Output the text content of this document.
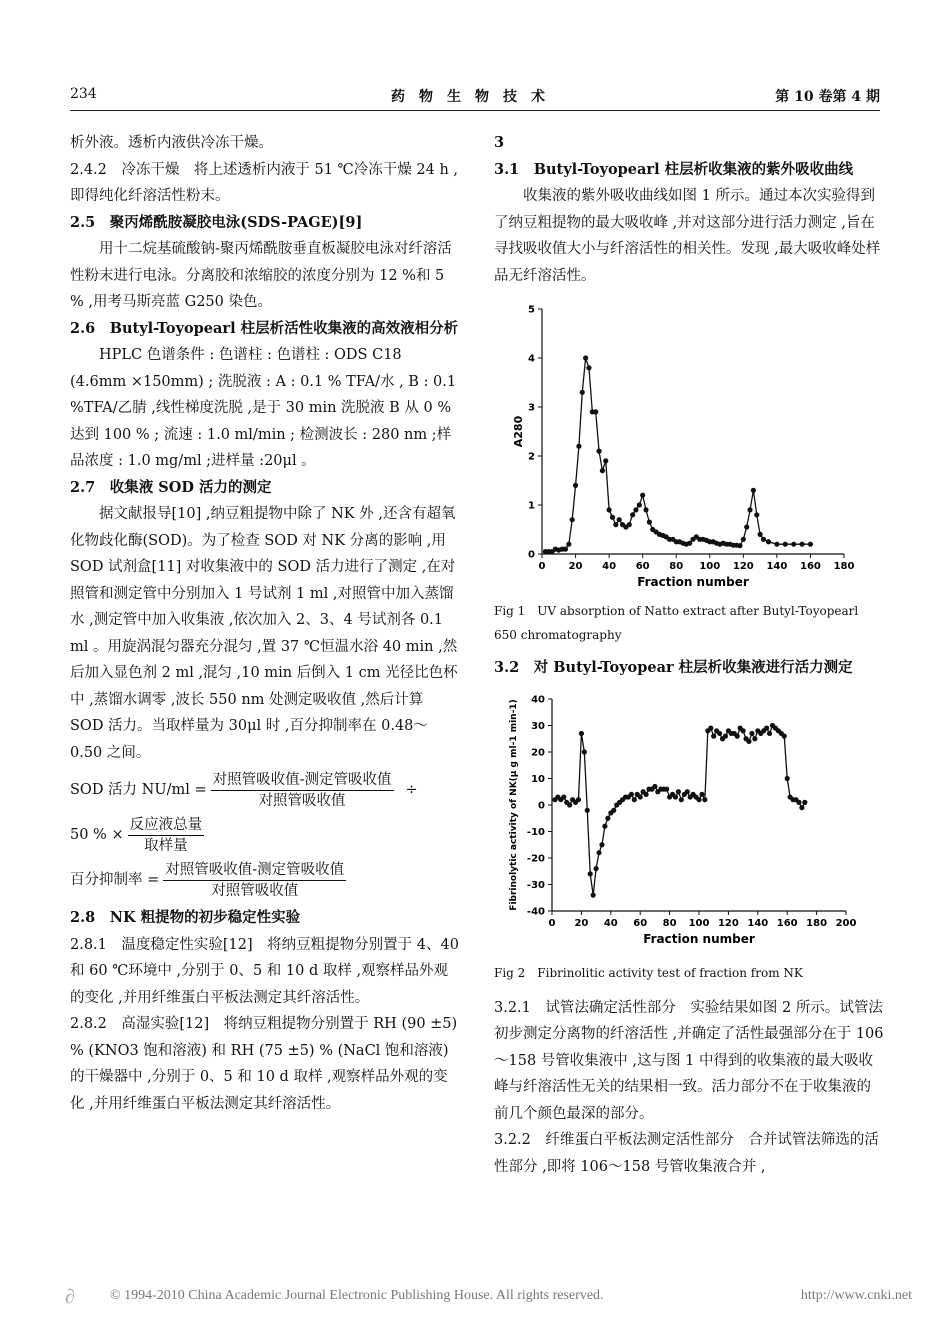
234	药物生物技术	第 10 卷第 4 期

析外液。透析内液供冷冻干燥。

2.4.2　冷冻干燥　将上述透析内液于 51 ℃冷冻干燥 24 h ,即得纯化纤溶活性粉末。

2.5　聚丙烯酰胺凝胶电泳(SDS-PAGE)[9]

用十二烷基硫酸钠-聚丙烯酰胺垂直板凝胶电泳对纤溶活性粉末进行电泳。分离胶和浓缩胶的浓度分别为 12 %和 5 % ,用考马斯亮蓝 G250 染色。

2.6　Butyl-Toyopearl 柱层析活性收集液的高效液相分析

HPLC 色谱条件 : 色谱柱 : 色谱柱 : ODS C18 (4.6mm ×150mm) ; 洗脱液 : A : 0.1 % TFA/水 , B : 0.1 %TFA/乙腈 ,线性梯度洗脱 ,是于 30 min 洗脱液 B 从 0 %达到 100 % ; 流速 : 1.0 ml/min ; 检测波长 : 280 nm ;样品浓度 : 1.0 mg/ml ;进样量 :20μl 。

2.7　收集液 SOD 活力的测定

据文献报导[10] ,纳豆粗提物中除了 NK 外 ,还含有超氧化物歧化酶(SOD)。为了检查 SOD 对 NK 分离的影响 ,用 SOD 试剂盒[11] 对收集液中的 SOD 活力进行了测定 ,在对照管和测定管中分别加入 1 号试剂 1 ml ,对照管中加入蒸馏水 ,测定管中加入收集液 ,依次加入 2、3、4 号试剂各 0.1 ml 。用旋涡混匀器充分混匀 ,置 37 ℃恒温水浴 40 min ,然后加入显色剂 2 ml ,混匀 ,10 min 后倒入 1 cm 光径比色杯中 ,蒸馏水调零 ,波长 550 nm 处测定吸收值 ,然后计算 SOD 活力。当取样量为 30μl 时 ,百分抑制率在 0.48～0.50 之间。

SOD 活力 $NU/ml = \frac{\text{对照管吸收值-测定管吸收值}}{\text{对照管吸收值}}$ ÷
50 % × $\frac{\text{反应液总量}}{\text{取样量}}$
百分抑制率 = $\frac{\text{对照管吸收值-测定管吸收值}}{\text{对照管吸收值}}$

2.8　NK 粗提物的初步稳定性实验

2.8.1　温度稳定性实验[12]　将纳豆粗提物分别置于 4、40 和 60 ℃环境中 ,分别于 0、5 和 10 d 取样 ,观察样品外观的变化 ,并用纤维蛋白平板法测定其纤溶活性。

2.8.2　高湿实验[12]　将纳豆粗提物分别置于 RH (90 ±5) % (KNO3 饱和溶液) 和 RH (75 ±5) % (NaCl 饱和溶液) 的干燥器中 ,分别于 0、5 和 10 d 取样 ,观察样品外观的变化 ,并用纤维蛋白平板法测定其纤溶活性。

3

3.1　Butyl-Toyopearl 柱层析收集液的紫外吸收曲线

收集液的紫外吸收曲线如图 1 所示。通过本次实验得到了纳豆粗提物的最大吸收峰 ,并对这部分进行活力测定 ,旨在寻找吸收值大小与纤溶活性的相关性。发现 ,最大吸收峰处样品无纤溶活性。

0 20 40 60 80 100 120 140 160 180
0
1
2
3
4
5
Fraction number
A280

Fig 1　UV absorption of Natto extract after Butyl-Toyopearl 650 chromatography

3.2　对 Butyl-Toyopear 柱层析收集液进行活力测定

0 20 40 60 80 100 120 140 160 180 200
-40
-30
-20
-10
0
10
20
30
40
Fraction number
Fibrinolytic activity of NK(μ g ml-1 min-1)

Fig 2　Fibrinolitic activity test of fraction from NK

3.2.1　试管法确定活性部分　实验结果如图 2 所示。试管法初步测定分离物的纤溶活性 ,并确定了活性最强部分在于 106～158 号管收集液中 ,这与图 1 中得到的收集液的最大吸收峰与纤溶活性无关的结果相一致。活力部分不在于收集液的前几个颜色最深的部分。

3.2.2　纤维蛋白平板法测定活性部分　合并试管法筛选的活性部分 ,即将 106～158 号管收集液合并 ,

∂	© 1994-2010 China Academic Journal Electronic Publishing House. All rights reserved.	http://www.cnki.net
